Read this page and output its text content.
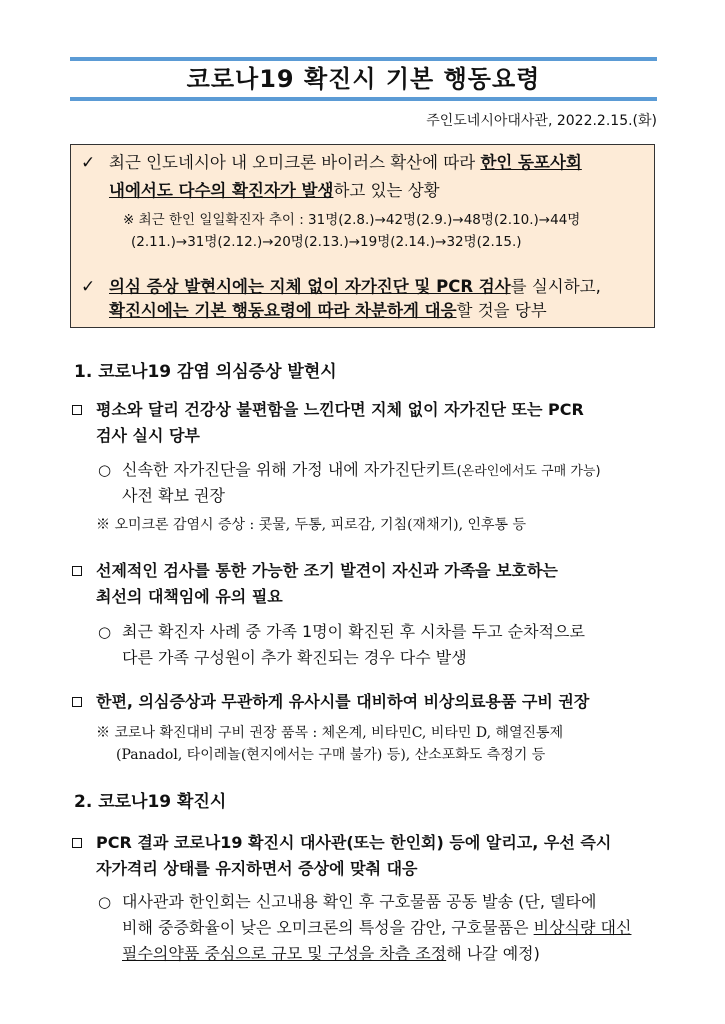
코로나19 확진시 기본 행동요령
주인도네시아대사관, 2022.2.15.(화)
✓ 최근 인도네시아 내 오미크론 바이러스 확산에 따라 한인 동포사회
내에서도 다수의 확진자가 발생하고 있는 상황
※ 최근 한인 일일확진자 추이 : 31명(2.8.)→42명(2.9.)→48명(2.10.)→44명
(2.11.)→31명(2.12.)→20명(2.13.)→19명(2.14.)→32명(2.15.)
✓ 의심 증상 발현시에는 지체 없이 자가진단 및 PCR 검사를 실시하고,
확진시에는 기본 행동요령에 따라 차분하게 대응할 것을 당부
1. 코로나19 감염 의심증상 발현시
평소와 달리 건강상 불편함을 느낀다면 지체 없이 자가진단 또는 PCR
검사 실시 당부
○ 신속한 자가진단을 위해 가정 내에 자가진단키트(온라인에서도 구매 가능)
사전 확보 권장
※ 오미크론 감염시 증상 : 콧물, 두통, 피로감, 기침(재채기), 인후통 등
선제적인 검사를 통한 가능한 조기 발견이 자신과 가족을 보호하는
최선의 대책임에 유의 필요
○ 최근 확진자 사례 중 가족 1명이 확진된 후 시차를 두고 순차적으로
다른 가족 구성원이 추가 확진되는 경우 다수 발생
한편, 의심증상과 무관하게 유사시를 대비하여 비상의료용품 구비 권장
※ 코로나 확진대비 구비 권장 품목 : 체온계, 비타민C, 비타민 D, 해열진통제
(Panadol, 타이레놀(현지에서는 구매 불가) 등), 산소포화도 측정기 등
2. 코로나19 확진시
PCR 결과 코로나19 확진시 대사관(또는 한인회) 등에 알리고, 우선 즉시
자가격리 상태를 유지하면서 증상에 맞춰 대응
○ 대사관과 한인회는 신고내용 확인 후 구호물품 공동 발송 (단, 델타에
비해 중증화율이 낮은 오미크론의 특성을 감안, 구호물품은 비상식량 대신
필수의약품 중심으로 규모 및 구성을 차츰 조정해 나갈 예정)
